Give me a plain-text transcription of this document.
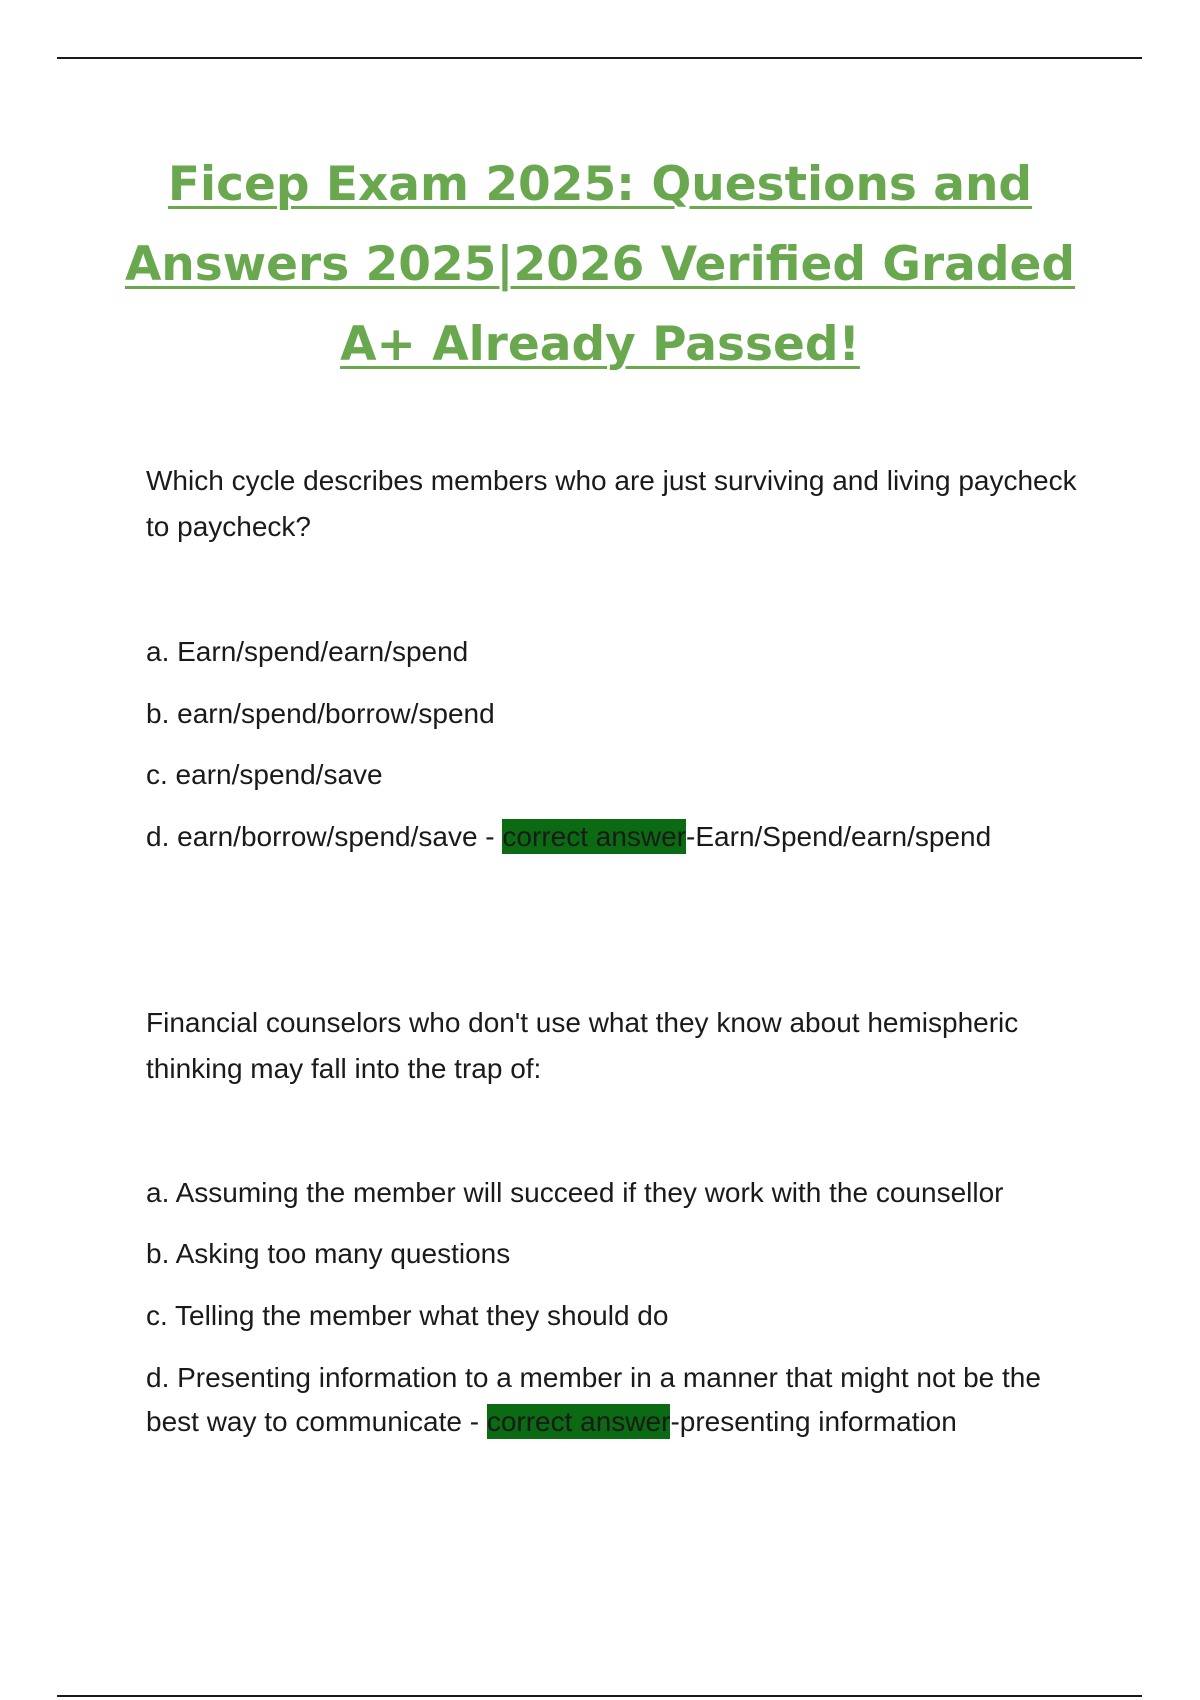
Ficep Exam 2025: Questions and Answers 2025|2026 Verified Graded A+ Already Passed!

Which cycle describes members who are just surviving and living paycheck to paycheck?

a. Earn/spend/earn/spend

b. earn/spend/borrow/spend

c. earn/spend/save

d. earn/borrow/spend/save - correct answer-Earn/Spend/earn/spend

Financial counselors who don't use what they know about hemispheric thinking may fall into the trap of:

a. Assuming the member will succeed if they work with the counsellor

b. Asking too many questions

c. Telling the member what they should do

d. Presenting information to a member in a manner that might not be the best way to communicate - correct answer-presenting information
